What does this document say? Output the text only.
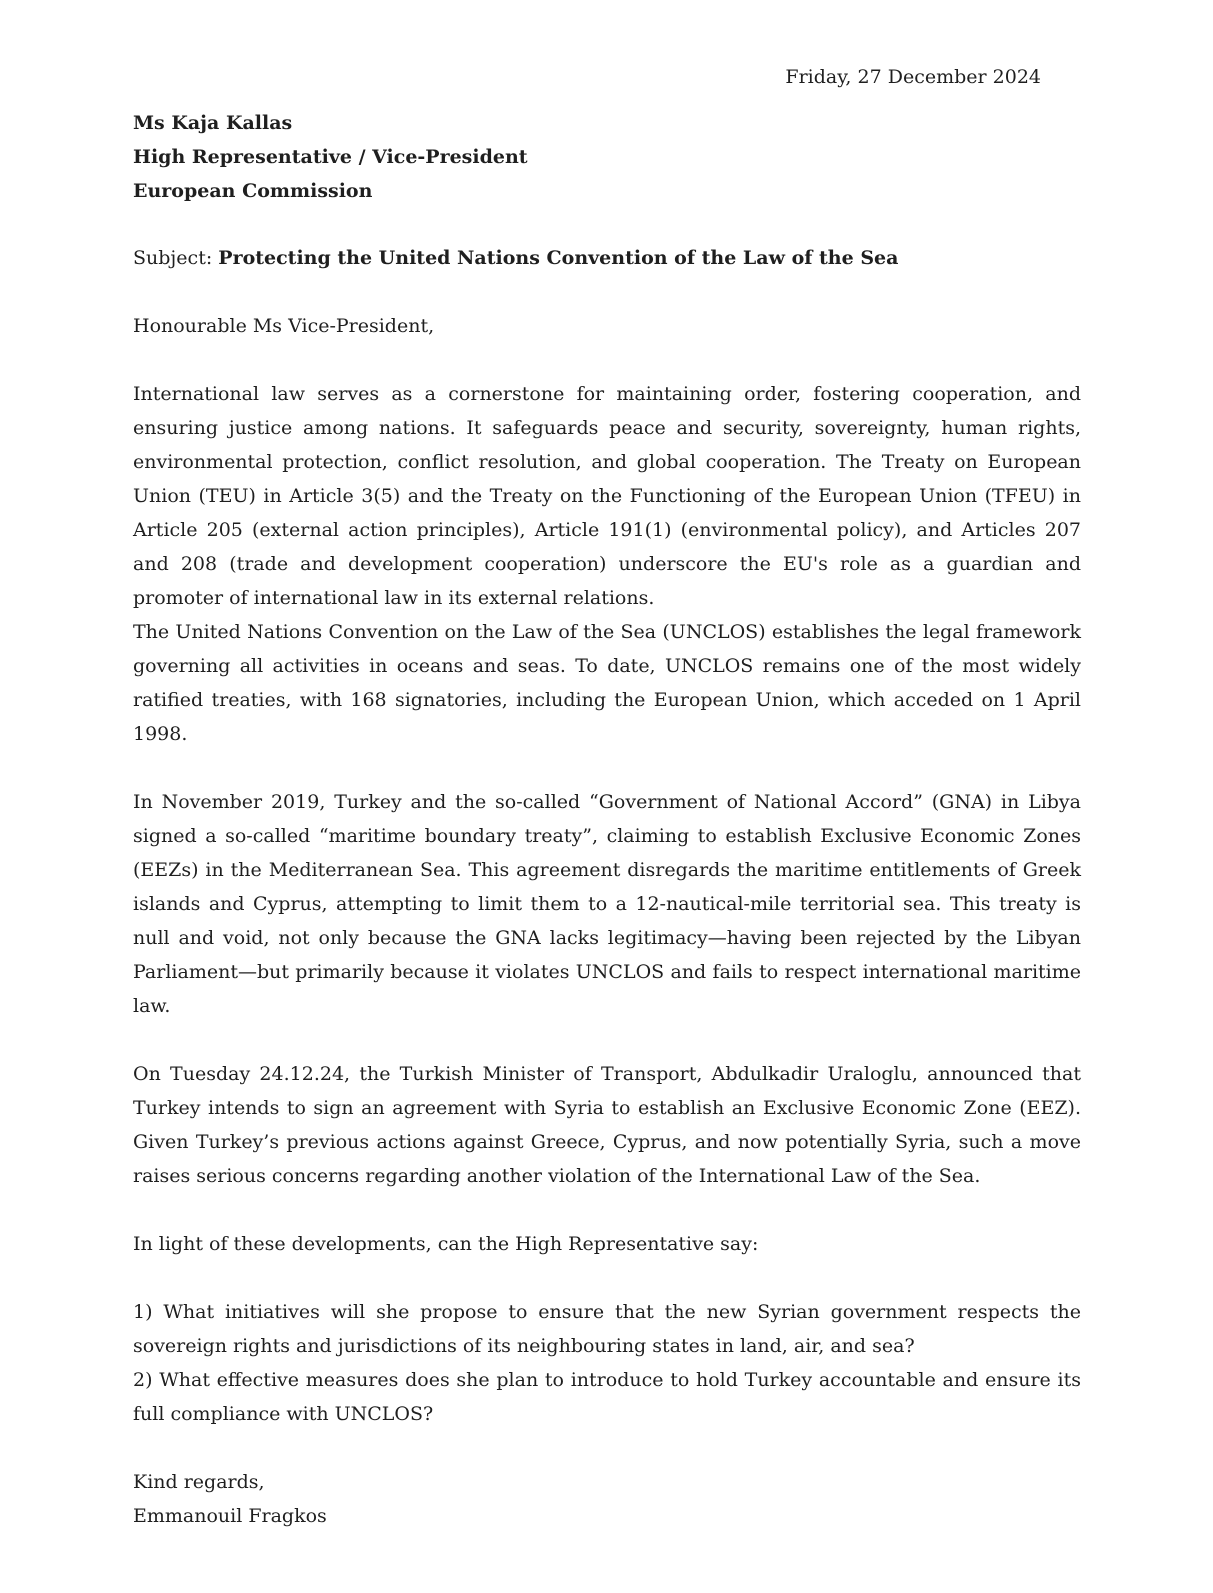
Friday, 27 December 2024
Ms Kaja Kallas
High Representative / Vice-President
European Commission
Subject: Protecting the United Nations Convention of the Law of the Sea
Honourable Ms Vice-President,

International law serves as a cornerstone for maintaining order, fostering cooperation, and ensuring justice among nations. It safeguards peace and security, sovereignty, human rights, environmental protection, conflict resolution, and global cooperation. The Treaty on European Union (TEU) in Article 3(5) and the Treaty on the Functioning of the European Union (TFEU) in Article 205 (external action principles), Article 191(1) (environmental policy), and Articles 207 and 208 (trade and development cooperation) underscore the EU's role as a guardian and promoter of international law in its external relations.

The United Nations Convention on the Law of the Sea (UNCLOS) establishes the legal framework governing all activities in oceans and seas. To date, UNCLOS remains one of the most widely ratified treaties, with 168 signatories, including the European Union, which acceded on 1 April 1998.

In November 2019, Turkey and the so-called “Government of National Accord” (GNA) in Libya signed a so-called “maritime boundary treaty”, claiming to establish Exclusive Economic Zones (EEZs) in the Mediterranean Sea. This agreement disregards the maritime entitlements of Greek islands and Cyprus, attempting to limit them to a 12-nautical-mile territorial sea. This treaty is null and void, not only because the GNA lacks legitimacy—having been rejected by the Libyan Parliament—but primarily because it violates UNCLOS and fails to respect international maritime law.

On Tuesday 24.12.24, the Turkish Minister of Transport, Abdulkadir Uraloglu, announced that Turkey intends to sign an agreement with Syria to establish an Exclusive Economic Zone (EEZ). Given Turkey’s previous actions against Greece, Cyprus, and now potentially Syria, such a move raises serious concerns regarding another violation of the International Law of the Sea.

In light of these developments, can the High Representative say:

1) What initiatives will she propose to ensure that the new Syrian government respects the sovereign rights and jurisdictions of its neighbouring states in land, air, and sea?

2) What effective measures does she plan to introduce to hold Turkey accountable and ensure its full compliance with UNCLOS?

Kind regards,
Emmanouil Fragkos
